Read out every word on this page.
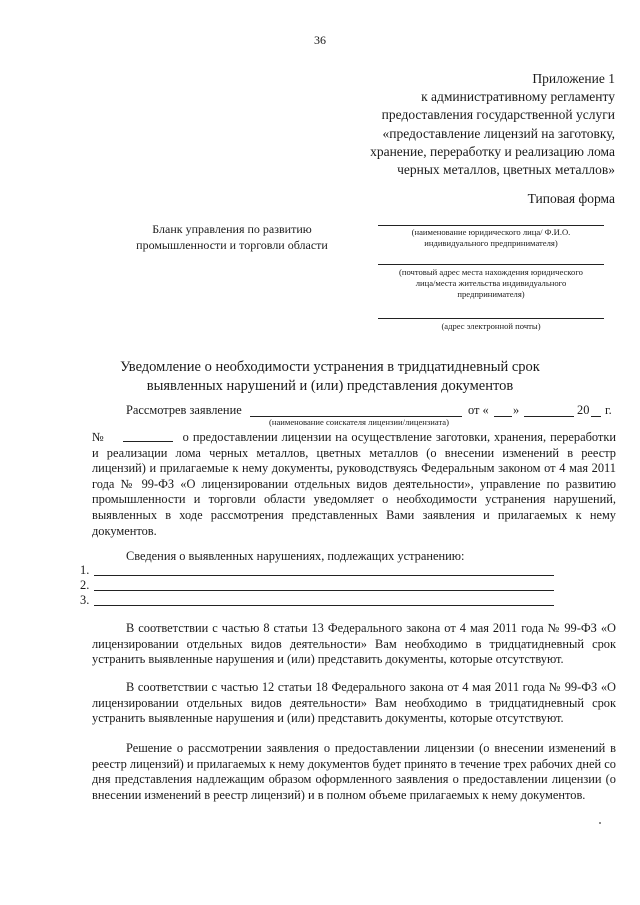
36
Приложение 1
к административному регламенту
предоставления государственной услуги
«предоставление лицензий на заготовку,
хранение, переработку и реализацию лома
черных металлов, цветных металлов»
Типовая форма
Бланк управления по развитию
промышленности и торговли области
(наименование юридического лица/ Ф.И.О.
индивидуального предпринимателя)
(почтовый адрес места нахождения юридического
лица/места жительства индивидуального
предпринимателя)
(адрес электронной почты)
Уведомление о необходимости устранения в тридцатидневный срок
выявленных нарушений и (или) представления документов
Рассмотрев заявление	от « »	20 г.
(наименование соискателя лицензии/лицензиата)
№	о предоставлении лицензии на осуществление заготовки, хранения, переработки и реализации лома черных металлов, цветных металлов (о внесении изменений в реестр лицензий) и прилагаемые к нему документы, руководствуясь Федеральным законом от 4 мая 2011 года № 99-ФЗ «О лицензировании отдельных видов деятельности», управление по развитию промышленности и торговли области уведомляет о необходимости устранения нарушений, выявленных в ходе рассмотрения представленных Вами заявления и прилагаемых к нему документов.
Сведения о выявленных нарушениях, подлежащих устранению:
1.
2.
3.
В соответствии с частью 8 статьи 13 Федерального закона от 4 мая 2011 года № 99-ФЗ «О лицензировании отдельных видов деятельности» Вам необходимо в тридцатидневный срок устранить выявленные нарушения и (или) представить документы, которые отсутствуют.
В соответствии с частью 12 статьи 18 Федерального закона от 4 мая 2011 года № 99-ФЗ «О лицензировании отдельных видов деятельности» Вам необходимо в тридцатидневный срок устранить выявленные нарушения и (или) представить документы, которые отсутствуют.
Решение о рассмотрении заявления о предоставлении лицензии (о внесении изменений в реестр лицензий) и прилагаемых к нему документов будет принято в течение трех рабочих дней со дня представления надлежащим образом оформленного заявления о предоставлении лицензии (о внесении изменений в реестр лицензий) и в полном объеме прилагаемых к нему документов.
